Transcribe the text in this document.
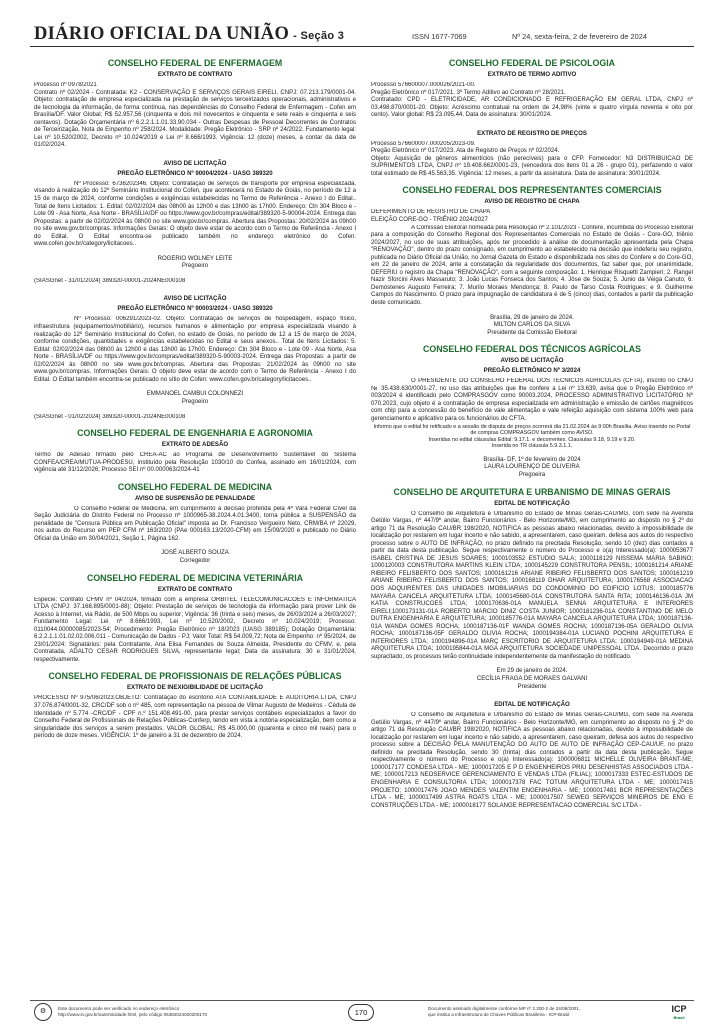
DIÁRIO OFICIAL DA UNIÃO - Seção 3	ISSN 1677-7069	Nº 24, sexta-feira, 2 de fevereiro de 2024
CONSELHO FEDERAL DE ENFERMAGEM
EXTRATO DE CONTRATO
Processo nº 0978/2021
Contrato nº 02/2024 - Contratada: K2 - CONSERVAÇÃO E SERVIÇOS GERAIS EIRELI, CNPJ: 07.213.179/0001-04. Objeto: contratação de empresa especializada na prestação de serviços terceirizados operacionais, administrativos e de tecnologia da informação, de forma contínua, nas dependências do Conselho Federal de Enfermagem - Cofen em Brasília/DF. Valor Global: R$ 52.957,56 (cinquenta e dois mil novecentos e cinquenta e sete reais e cinquenta e seis centavos). Dotação Orçamentária nº 6.2.2.1.1.01.33.90.034 - Outras Despesas de Pessoal Decorrentes de Contratos de Terceirização. Nota de Empenho nº 258/2024. Modalidade: Pregão Eletrônico - SRP nº 24/2022. Fundamento legal: Lei nº 10.520/2002, Decreto nº 10.024/2019 e Lei nº 8.666/1993. Vigência: 12 (doze) meses, a contar da data de 01/02/2024.
AVISO DE LICITAÇÃO
PREGÃO ELETRÔNICO Nº 90004/2024 - UASG 389320
Nº Processo: 6736202346. Objeto: Contratação de serviços de transporte por empresa especializada, visando à realização do 12º Seminário Institucional do Cofen, que acontecerá no Estado de Goiás, no período de 12 a 15 de março de 2024, conforme condições e exigências estabelecidas no Termo de Referência - Anexo I do Edital.. Total de Itens Licitados: 1. Edital: 02/02/2024 das 08h00 às 12h00 e das 13h00 às 17h00. Endereço: Cln 304 Bloco e - Lote 09 - Asa Norte, Asa Norte - BRASÍLIA/DF ou https://www.gov.br/compras/edital/389320-5-90004-2024. Entrega das Propostas: a partir de 02/02/2024 às 08h00 no site www.gov.br/compras. Abertura das Propostas: 20/02/2024 às 09h00 no site www.gov.br/compras. Informações Gerais: O objeto deve estar de acordo com o Termo de Referência - Anexo I do Edital. O Edital encontra-se publicado também no endereço eletrônico do Cofen: www.cofen.gov.br/category/licitacoes..
ROGERIO WOLNEY LEITE
Pregoeiro
(SIASGnet - 31/01/2024) 389320-00001-2024NE000108
AVISO DE LICITAÇÃO
PREGÃO ELETRÔNICO Nº 90003/2024 - UASG 389320
Nº Processo: 006291/2023-02. Objeto: Contratação de serviços de hospedagem, espaço físico, infraestrutura (equipamentos/mobiliário), recursos humanos e alimentação por empresa especializada visando à realização do 12º Seminário Institucional do Cofen, no estado de Goiás, no período de 12 a 15 de março de 2024, conforme condições, quantidades e exigências estabelecidas no Edital e seus anexos.. Total de Itens Licitados: 5. Edital: 02/02/2024 das 08h00 às 12h00 e das 13h00 às 17h00. Endereço: Cln 304 Bloco e - Lote 09 - Asa Norte, Asa Norte - BRASÍLIA/DF ou https://www.gov.br/compras/edital/389320-5-90003-2024. Entrega das Propostas: a partir de 02/02/2024 às 08h00 no site www.gov.br/compras. Abertura das Propostas: 21/02/2024 às 09h00 no site www.gov.br/compras. Informações Gerais: O objeto deve estar de acordo com o Termo de Referência - Anexo I do Edital. O Edital também encontra-se publicado no sítio do Cofen: www.cofen.gov.br/category/licitacoes..
EMMANOEL CAMBUI COLONNEZI
Pregoeiro
(SIASGnet - 01/02/2024) 389320-00001-2024NE000108
CONSELHO FEDERAL DE ENGENHARIA E AGRONOMIA
EXTRATO DE ADESÃO
Termo de Adesão firmado pelo CREA-AC ao Programa de Desenvolvimento Sustentável do Sistema CONFEA/CREA/MUTUA-PRODESU, instituído pela Resolução 1030/10 do Confea, assinado em 16/01/2024, com vigência até 31/12/2026; Processo SEI nº 00.000063/2024-41
CONSELHO FEDERAL DE MEDICINA
AVISO DE SUSPENSÃO DE PENALIDADE
O Conselho Federal de Medicina, em cumprimento à decisão proferida pela 4ª Vara Federal Cível da Seção Judiciária do Distrito Federal no Processo nº 1000965-38.2024.4.01.3400, torna pública a SUSPENSÃO da penalidade de "Censura Pública em Publicação Oficial" imposta ao Dr. Francisco Vergueiro Neto, CRM/BA nº 22029, nos autos do Recurso em PEP CFM nº 163/2020 (PAe 000163.13/2020-CFM) em 15/09/2020 e publicado no Diário Oficial da União em 30/04/2021, Seção 1, Página 162.
JOSÉ ALBERTO SOUZA
Corregedor
CONSELHO FEDERAL DE MEDICINA VETERINÁRIA
EXTRATO DE CONTRATO
Espécie: Contrato CFMV nº 04/2024, firmado com a empresa ORBITEL TELECOMUNICACOES E INFORMATICA LTDA (CNPJ: 37.168.895/0001-88); Objeto: Prestação de serviços de tecnologia da informação para prover Link de Acesso à Internet, via Rádio, de 500 Mbps ou superior; Vigência: 36 (trinta e seis) meses, de 26/03/2024 a 26/03/2027; Fundamento Legal: Lei nº 8.666/1993, Lei nº 10.520/2002, Decreto nº 10.024/2019; Processo: 0110044.00000085/2023-54; Procedimento: Pregão Eletrônico nº 18/2023 (UASG 389185); Dotação Orçamentária: 6.2.2.1.1.01.02.02.006.011 - Comunicação de Dados - PJ; Valor Total: R$ 54.009,72; Nota de Empenho: nº 95/2024, de 23/01/2024; Signatários: pela Contratante, Ana Elisa Fernandes de Souza Almeida, Presidente do CFMV, e, pela Contratada, ADALTO CESAR RODRIGUES SILVA, representante legal; Data da assinatura: 30 e 31/01/2024, respectivamente.
CONSELHO FEDERAL DE PROFISSIONAIS DE RELAÇÕES PÚBLICAS
EXTRATO DE INEXIGIBILIDADE DE LICITAÇÃO
PROCESSO Nº 975/06/2023.OBJETO: Contratação do escritório ATA CONTABILIDADE E AUDITORIA LTDA, CNPJ 37.076.874/0001-32, CRC/DF sob o nº 485, com representação na pessoa de Vilmar Augusto de Medeiros - Cédula de Identidade nº 5.774 -CRC/DF - CPF n.º 151.408.491-00, para prestar serviços contábeis especializados a favor do Conselho Federal de Profissionais de Relações Públicas-Conferp, tendo em vista a notória especialização, bem como a singularidade dos serviços a serem prestados. VALOR GLOBAL: R$ 45.000,00 (quarenta e cinco mil reais) para o período de doze meses. VIGÊNCIA: 1º de janeiro a 31 de dezembro de 2024.
CONSELHO FEDERAL DE PSICOLOGIA
EXTRATO DE TERMO ADITIVO
Processo 576600007.000026/2021-00.
Pregão Eletrônico nº 017/2021. 3º Termo Aditivo ao Contrato nº 28/2021.
Contratado: CPD - ELETRICIDADE, AR CONDICIONADO E REFRIGERAÇÃO EM GERAL LTDA, CNPJ nº 03.498.870/0001-20. Objeto: Acréscimo contratual na ordem de 24,98% (vinte e quatro vírgula noventa e oito por cento). Valor global: R$ 23.095,44. Data de assinatura: 30/01/2024.
EXTRATO DE REGISTRO DE PREÇOS
Processo 576600007.000205/2023-09.
Pregão Eletrônico nº 017/2023. Ata de Registro de Preços nº 02/2024.
Objeto: Aquisição de gêneros alimentícios (não perecíveis) para o CFP. Fornecedor: N3 DISTRIBUICAO DE SUPRIMENTOS LTDA, CNPJ nº 19.408.662/0001-23, (vencedora dos itens 01 a 26 - grupo 01), perfazendo o valor total estimado de R$ 45.563,35. Vigência: 12 meses, a partir da assinatura. Data de assinatura: 30/01/2024.
CONSELHO FEDERAL DOS REPRESENTANTES COMERCIAIS
AVISO DE REGISTRO DE CHAPA
DEFERIMENTO DE REGISTRO DE CHAPA
ELEIÇÃO CORE-GO - TRIÊNIO 2024/2027
A Comissão Eleitoral nomeada pela Resolução nº 2.101/2023 - Confere, incumbida do Processo Eleitoral para a composição do Conselho Regional dos Representantes Comerciais no Estado de Goiás - Core-GO, triênio 2024/2027, no uso de suas atribuições, após ter procedido à análise de documentação apresentada pela Chapa "RENOVAÇÃO", dentro do prazo consignado, em cumprimento ao estabelecido na decisão que indeferiu seu registro, publicada no Diário Oficial da União, no Jornal Gazeta do Estado e disponibilizada nos sites do Confere e do Core-GO, em 22 de janeiro de 2024, ante a constatação da regularidade dos documentos, faz saber que, por unanimidade, DEFERIU o registro da Chapa "RENOVAÇÃO", com a seguinte composição: 1. Henrique Risquetti Zampieri; 2. Rangel Nazir Sforcini Alves Massaruto; 3. João Lucas Fonseca dos Santos; 4. Jôse de Souza; 5. Junio da Veiga Canuto; 6. Demóstenes Augusto Ferreira; 7. Murilo Moraes Mendonça; 8. Paulo de Tarso Costa Rodrigues; e 9. Guilherme Campos do Nascimento. O prazo para impugnação de candidatura é de 5 (cinco) dias, contados a partir da publicação deste comunicado.
Brasília, 29 de janeiro de 2024.
MILTON CARLOS DA SILVA
Presidente da Comissão Eleitoral
CONSELHO FEDERAL DOS TÉCNICOS AGRÍCOLAS
AVISO DE LICITAÇÃO
PREGÃO ELETRÔNICO Nº 3/2024
O PRESIDENTE DO CONSELHO FEDERAL DOS TÉCNICOS AGRÍCOLAS (CFTA), inscrito no CNPJ № 35.438.630/0001-27, no uso das atribuições que lhe confere a Lei nº 13.639, avisa que o Pregão Eletrônico nº 003/2024 é identificado pelo COMPRASGOV como 90003.2024, PROCESSO ADMINISTRATIVO LICITATÓRIO Nº 070.2023, cujo objeto é a contratação de empresa especializada em administração e emissão de cartões magnéticos com chip para a concessão do benefício de vale alimentação e vale refeição aquisição com sistema 100% web para gerenciamento e aplicativo para os funcionários do CFTA.
Informo que o edital foi retificado e a sessão de disputa de preços ocorrerá dia 21.02.2024 às 9:00h Brasília. Aviso inserido no Portal de compras COMPRASGOV também como AVISO.
Inseridas no edital cláusulas Edital: 9.17.1. e decorrentes. Clausulas 9.18, 9.19 e 9.20.
Inserida no TR cláusula 5.9.3.1.1.
Brasília- DF, 1º de fevereiro de 2024
LAURA LOURENÇO DE OLIVEIRA
Pregoeira
CONSELHO DE ARQUITETURA E URBANISMO DE MINAS GERAIS
EDITAL DE NOTIFICAÇÃO
O Conselho de Arquitetura e Urbanismo do Estado de Minas Gerais-CAU/MG, com sede na Avenida Getúlio Vargas, nº 447/9º andar, Bairro Funcionários - Belo Horizonte/MG, em cumprimento ao disposto no § 2º do artigo 71 da Resolução CAU/BR 198/2020, NOTIFICA as pessoas abaixo relacionadas, devido à impossibilidade de localização por restarem em lugar incerto e não sabido, a apresentarem, caso queiram, defesa aos autos do respectivo processo sobre o AUTO DE INFRAÇÃO, no prazo definido na precitada Resolução, sendo 10 (dez) dias contados a partir da data desta publicação. Segue respectivamente o número do Processo e o(a) Interessado(a): 1000053677 ISABEL CRISTINA DE JESUS SOARES; 1000103552 ESTUDIO SALA; 1000118129 NISSEMA MARIA SABINO; 1000120003 CONSTRUTORA MARTINS KLEIN LTDA; 1000145229 CONSTRUTORA PENSIL; 1000161214 ARIANE RIBEIRO FELISBERTO DOS SANTOS; 1000161216 ARIANE RIBEIRO FELISBERTO DOS SANTOS; 1000161219 ARIANE RIBEIRO FELISBERTO DOS SANTOS; 1000168119 DHAR ARQUITETURA; 1000176568 ASSOCIACAO DOS ADQUIRENTES DAS UNIDADES IMOBILIARIAS DO CONDOMINIO DO EDIFICIO LOTUS; 1000185776 MAYARA CANCELA ARQUITETURA LTDA; 1000145680-01A CONSTRUTORA SANTA RITA; 1000146136-01A JM KATIA CONSTRUCOES LTDA; 1000170636-01A MANUELA SENNA ARQUITETURA E INTERIORES EIRELI;1000173131-01A ROBERTO MARCIO DINIZ COSTA JUNIOR; 1000181236-01A CONSTANTINO DE MELO DUTRA ENGENHARIA E ARQUITETURA; 1000185776-01A MAYARA CANCELA ARQUITETURA LTDA; 1000187136-01A WANDA GOMES ROCHA; 1000187136-01F WANDA GOMES ROCHA; 1000187136-05A GERALDO OLIVIA ROCHA; 1000187136-05F GERALDO OLIVIA ROCHA; 1000194384-01A LUCIANO POCHINI ARQUITETURA E INTERIORES LTDA; 1000194896-01A MARÇ ESCRITORIO DE ARQUITETURA LTDA; 1000194949-01A MEDINA ARQUITETURA LTDA; 1000195844-01A MGA ARQUITETURA SOCIEDADE UNIPESSOAL LTDA. Decorrido o prazo supracitado, os processos terão continuidade independentemente da manifestação do notificado.
Em 29 de janeiro de 2024.
CECÍLIA FRAGA DE MORAES GALVANI
Presidente
EDITAL DE NOTIFICAÇÃO
O Conselho de Arquitetura e Urbanismo do Estado de Minas Gerais-CAU/MG, com sede na Avenida Getúlio Vargas, nº 447/9º andar, Bairro Funcionários - Belo Horizonte/MG, em cumprimento ao disposto no § 2º do artigo 71 da Resolução CAU/BR 198/2020, NOTIFICA as pessoas abaixo relacionadas, devido à impossibilidade de localização por restarem em lugar incerto e não sabido, a apresentarem, caso queiram, defesa aos autos do respectivo processo sobre a DECISÃO PELA MANUTENÇÃO DO AUTO DE AUTO DE INFRAÇÃO CEP-CAU/UF, no prazo definido na precitada Resolução, sendo 30 (trinta) dias contados a partir da data desta publicação. Segue respectivamente o número do Processo e o(a) Interessado(a): 1000006811 MICHELLE OLIVEIRA BRANT-ME; 1000017177 CONDESA LTDA - ME; 1000017205 E P D ENGENHEIROS PRIU DESENHISTAS ASSOCIADOS LTDA - ME; 1000017213 NEOSERVICE GERENCIAMENTO E VENDAS LTDA (FILIAL); 1000017333 ESTEC-ESTUDOS DE ENGENHARIA E CONSULTORIA LTDA; 1000017378 FAC TOTUM ARQUITETURA LTDA - ME; 1000017415 PROJETO; 1000017476 JOAO MENDES VALENTIM ENGENHARIA - ME; 1000017481 BCR REPRESENTAÇÕES LTDA - ME; 1000017499 ASTRA ROATS LTDA - ME; 1000017507 SEWEG SERVIÇOS MINEIROS DE ENG E CONSTRUÇÕES LTDA - ME; 1000018177 SOLANGE REPRESENTACAO COMERCIAL S/C LTDA -
⚙	Este documento pode ser verificado no endereço eletrônico
http://www.in.gov.br/autenticidade.html, pelo código 05382024020200170	170	Documento assinado digitalmente conforme MP nº 2.200-2 de 24/08/2001,
que institui a Infraestrutura de Chaves Públicas Brasileira - ICP-Brasil
ICP
Brasil
